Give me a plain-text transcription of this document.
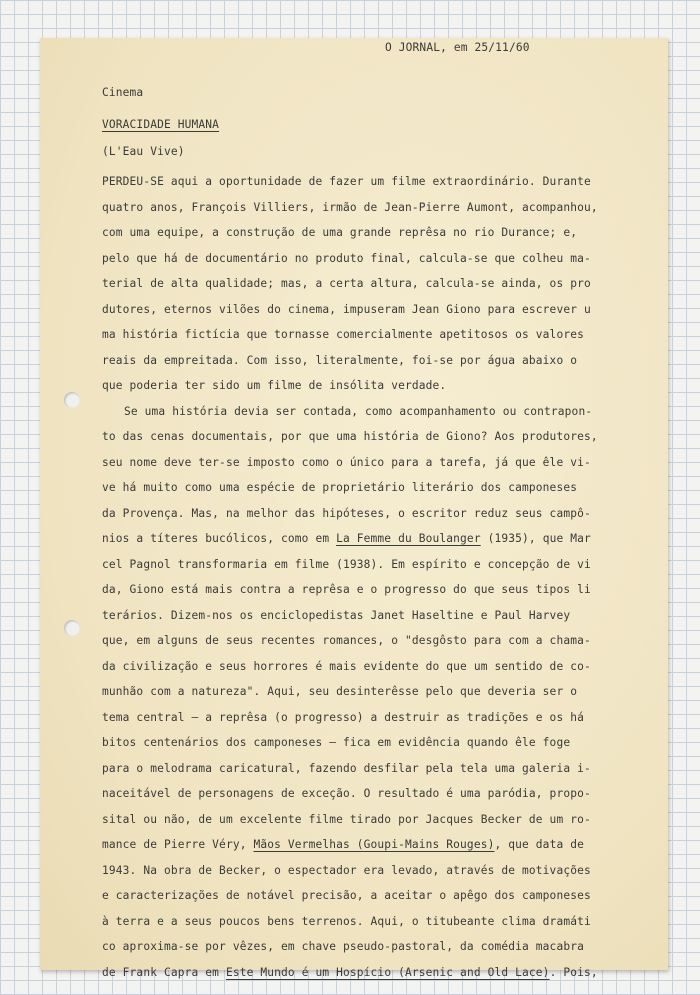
O JORNAL, em 25/11/60
Cinema
VORACIDADE HUMANA
(L'Eau Vive)
PERDEU-SE aqui a oportunidade de fazer um filme extraordinário. Durante
quatro anos, François Villiers, irmão de Jean-Pierre Aumont, acompanhou,
com uma equipe, a construção de uma grande reprêsa no rio Durance; e,
pelo que há de documentário no produto final, calcula-se que colheu ma-
terial de alta qualidade; mas, a certa altura, calcula-se ainda, os pro
dutores, eternos vilões do cinema, impuseram Jean Giono para escrever u
ma história fictícia que tornasse comercialmente apetitosos os valores
reais da empreitada. Com isso, literalmente, foi-se por água abaixo o
que poderia ter sido um filme de insólita verdade.
Se uma história devia ser contada, como acompanhamento ou contrapon-
to das cenas documentais, por que uma história de Giono? Aos produtores,
seu nome deve ter-se imposto como o único para a tarefa, já que êle vi-
ve há muito como uma espécie de proprietário literário dos camponeses
da Provença. Mas, na melhor das hipóteses, o escritor reduz seus campô-
nios a títeres bucólicos, como em La Femme du Boulanger (1935), que Mar
cel Pagnol transformaria em filme (1938). Em espírito e concepção de vi
da, Giono está mais contra a reprêsa e o progresso do que seus tipos li
terários. Dizem-nos os enciclopedistas Janet Haseltine e Paul Harvey
que, em alguns de seus recentes romances, o "desgôsto para com a chama-
da civilização e seus horrores é mais evidente do que um sentido de co-
munhão com a natureza". Aqui, seu desinterêsse pelo que deveria ser o
tema central — a reprêsa (o progresso) a destruir as tradições e os há
bitos centenários dos camponeses — fica em evidência quando êle foge
para o melodrama caricatural, fazendo desfilar pela tela uma galeria i-
naceitável de personagens de exceção. O resultado é uma paródia, propo-
sital ou não, de um excelente filme tirado por Jacques Becker de um ro-
mance de Pierre Véry, Mãos Vermelhas (Goupi-Mains Rouges), que data de
1943. Na obra de Becker, o espectador era levado, através de motivações
e caracterizações de notável precisão, a aceitar o apêgo dos camponeses
à terra e a seus poucos bens terrenos. Aqui, o titubeante clima dramáti
co aproxima-se por vêzes, em chave pseudo-pastoral, da comédia macabra
de Frank Capra em Este Mundo é um Hospício (Arsenic and Old Lace). Pois,
